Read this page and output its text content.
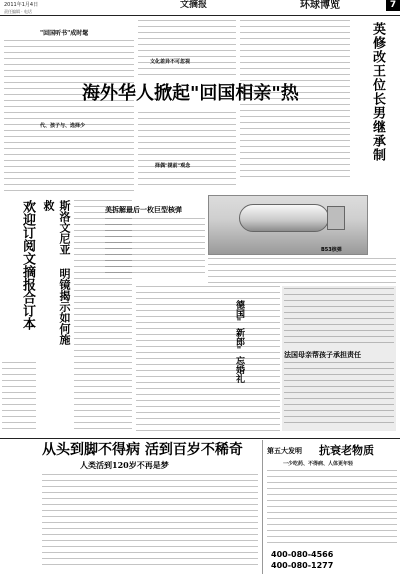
2011年1月4日	文摘报	环球博览	7
责任编辑 · 电话
"回国听书"成时髦
代、孩子与、选择少
文化差异不可忽视
海外华人掀起"回国相亲"热
择偶"提前"观念
英修改王位长男继承制
欢迎订阅文摘报合订本	斯洛文尼亚 明镜揭示如何施救	美拆解最后一枚巨型核弹
B53核弹
德国"新郎"忘婚礼	法国母亲帮孩子承担责任
从头到脚不得病 活到百岁不稀奇
人类活到120岁不再是梦
第五大发明	抗衰老物质
一少吃药、不得病、人体更年轻
400-080-4566
400-080-1277
